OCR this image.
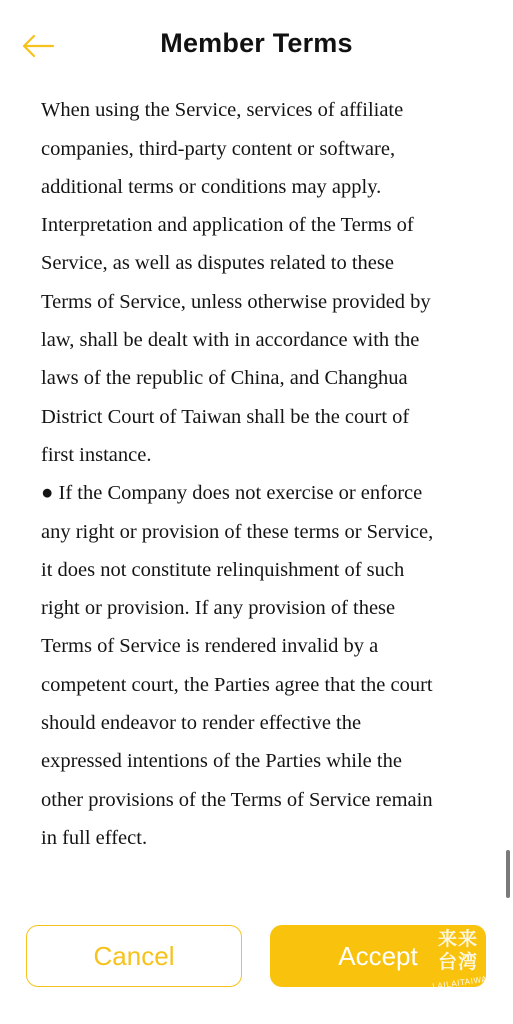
Member Terms
When using the Service, services of affiliate
companies, third-party content or software,
additional terms or conditions may apply.
Interpretation and application of the Terms of
Service, as well as disputes related to these
Terms of Service, unless otherwise provided by
law, shall be dealt with in accordance with the
laws of the republic of China, and Changhua
District Court of Taiwan shall be the court of
first instance.
● If the Company does not exercise or enforce
any right or provision of these terms or Service,
it does not constitute relinquishment of such
right or provision. If any provision of these
Terms of Service is rendered invalid by a
competent court, the Parties agree that the court
should endeavor to render effective the
expressed intentions of the Parties while the
other provisions of the Terms of Service remain
in full effect.
Cancel	Accept
来来
台湾
LAILAITAIWAN
